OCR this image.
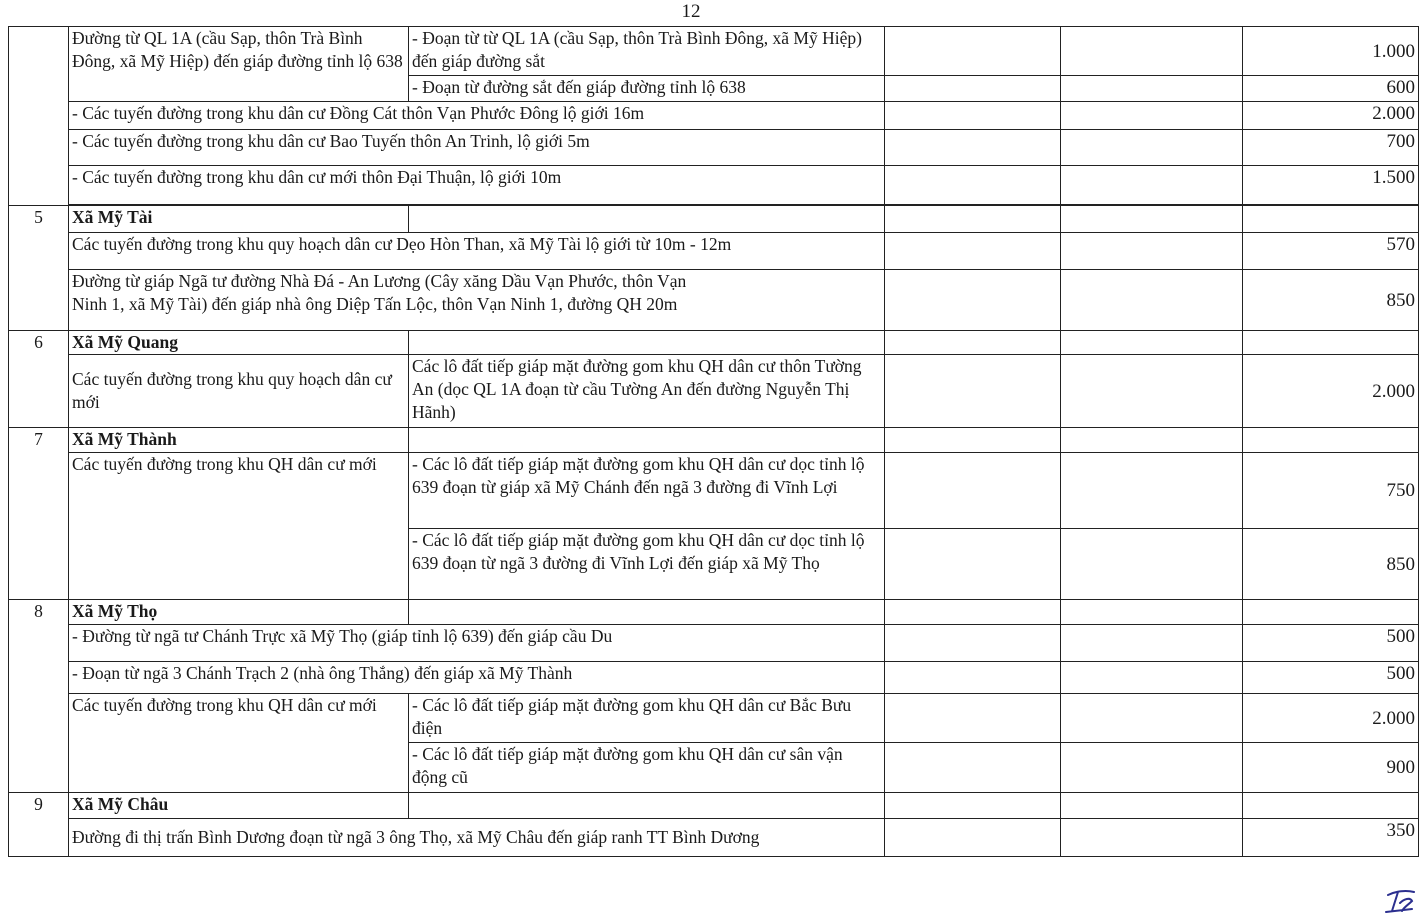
12
	Đường từ QL 1A (cầu Sạp, thôn Trà Bình Đông, xã Mỹ Hiệp) đến giáp đường tỉnh lộ 638	- Đoạn từ từ QL 1A (cầu Sạp, thôn Trà Bình Đông, xã Mỹ Hiệp) đến giáp đường sắt			1.000
		- Đoạn từ đường sắt đến giáp đường tỉnh lộ 638			600
	- Các tuyến đường trong khu dân cư Đồng Cát thôn Vạn Phước Đông lộ giới 16m				2.000
	- Các tuyến đường trong khu dân cư Bao Tuyến thôn An Trinh, lộ giới 5m				700
	- Các tuyến đường trong khu dân cư mới thôn Đại Thuận, lộ giới 10m				1.500

5	Xã Mỹ Tài				
	Các tuyến đường trong khu quy hoạch dân cư Dẹo Hòn Than, xã Mỹ Tài lộ giới từ 10m - 12m				570
	Đường từ giáp Ngã tư đường Nhà Đá - An Lương (Cây xăng Dầu Vạn Phước, thôn Vạn Ninh 1, xã Mỹ Tài) đến giáp nhà ông Diệp Tấn Lộc, thôn Vạn Ninh 1, đường QH 20m				850
6	Xã Mỹ Quang				
	Các tuyến đường trong khu quy hoạch dân cư mới	Các lô đất tiếp giáp mặt đường gom khu QH dân cư thôn Tường An (dọc QL 1A đoạn từ cầu Tường An đến đường Nguyễn Thị Hãnh)			2.000
7	Xã Mỹ Thành				
	Các tuyến đường trong khu QH dân cư mới	- Các lô đất tiếp giáp mặt đường gom khu QH dân cư dọc tỉnh lộ 639 đoạn từ giáp xã Mỹ Chánh đến ngã 3 đường đi Vĩnh Lợi			750
		- Các lô đất tiếp giáp mặt đường gom khu QH dân cư dọc tỉnh lộ 639 đoạn từ ngã 3 đường đi Vĩnh Lợi đến giáp xã Mỹ Thọ			850
8	Xã Mỹ Thọ				
	- Đường từ ngã tư Chánh Trực xã Mỹ Thọ (giáp tỉnh lộ 639) đến giáp cầu Du				500
	- Đoạn từ ngã 3 Chánh Trạch 2 (nhà ông Thắng) đến giáp xã Mỹ Thành				500
	Các tuyến đường trong khu QH dân cư mới	- Các lô đất tiếp giáp mặt đường gom khu QH dân cư Bắc Bưu điện			2.000
		- Các lô đất tiếp giáp mặt đường gom khu QH dân cư sân vận động cũ			900
9	Xã Mỹ Châu				
	Đường đi thị trấn Bình Dương đoạn từ ngã 3 ông Thọ, xã Mỹ Châu đến giáp ranh TT Bình Dương				350
